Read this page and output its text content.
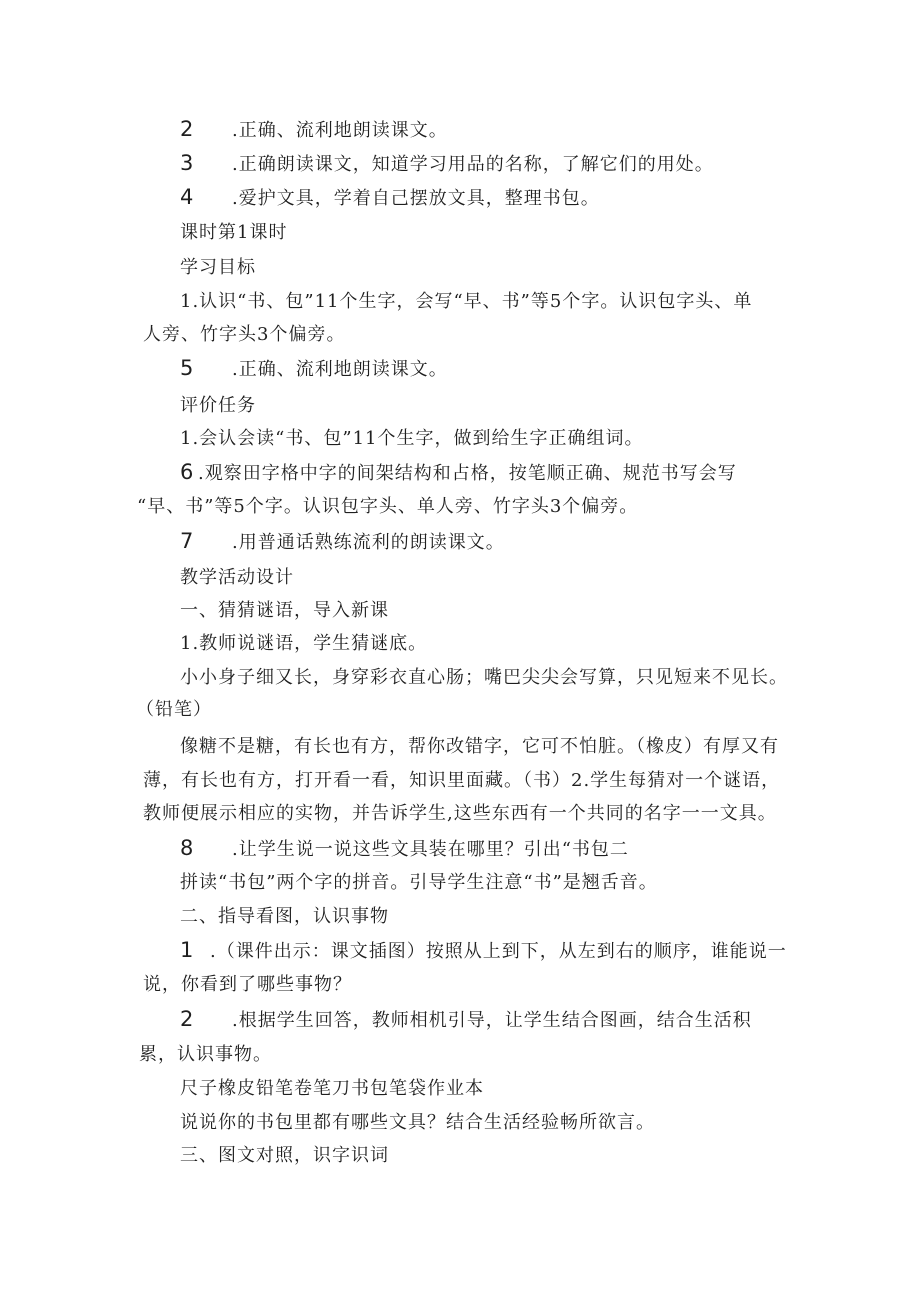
2 .正确、流利地朗读课文。
3 .正确朗读课文，知道学习用品的名称，了解它们的用处。
4 .爱护文具，学着自己摆放文具，整理书包。
课时第1课时
学习目标
1.认识“书、包”11个生字，会写“早、书”等5个字。认识包字头、单
人旁、竹字头3个偏旁。
5 .正确、流利地朗读课文。
评价任务
1.会认会读“书、包”11个生字，做到给生字正确组词。
6 .观察田字格中字的间架结构和占格，按笔顺正确、规范书写会写
“早、书”等5个字。认识包字头、单人旁、竹字头3个偏旁。
7 .用普通话熟练流利的朗读课文。
教学活动设计
一、猜猜谜语，导入新课
1.教师说谜语，学生猜谜底。
小小身子细又长，身穿彩衣直心肠；嘴巴尖尖会写算，只见短来不见长。
（铅笔）
像糖不是糖，有长也有方，帮你改错字，它可不怕脏。（橡皮）有厚又有
薄，有长也有方，打开看一看，知识里面藏。（书）2.学生每猜对一个谜语，
教师便展示相应的实物，并告诉学生,这些东西有一个共同的名字一一文具。
8 .让学生说一说这些文具装在哪里？引出“书包二
拼读“书包”两个字的拼音。引导学生注意“书”是翘舌音。
二、指导看图，认识事物
1 .（课件出示：课文插图）按照从上到下，从左到右的顺序，谁能说一
说，你看到了哪些事物？
2 .根据学生回答，教师相机引导，让学生结合图画，结合生活积
累，认识事物。
尺子橡皮铅笔卷笔刀书包笔袋作业本
说说你的书包里都有哪些文具？结合生活经验畅所欲言。
三、图文对照，识字识词
